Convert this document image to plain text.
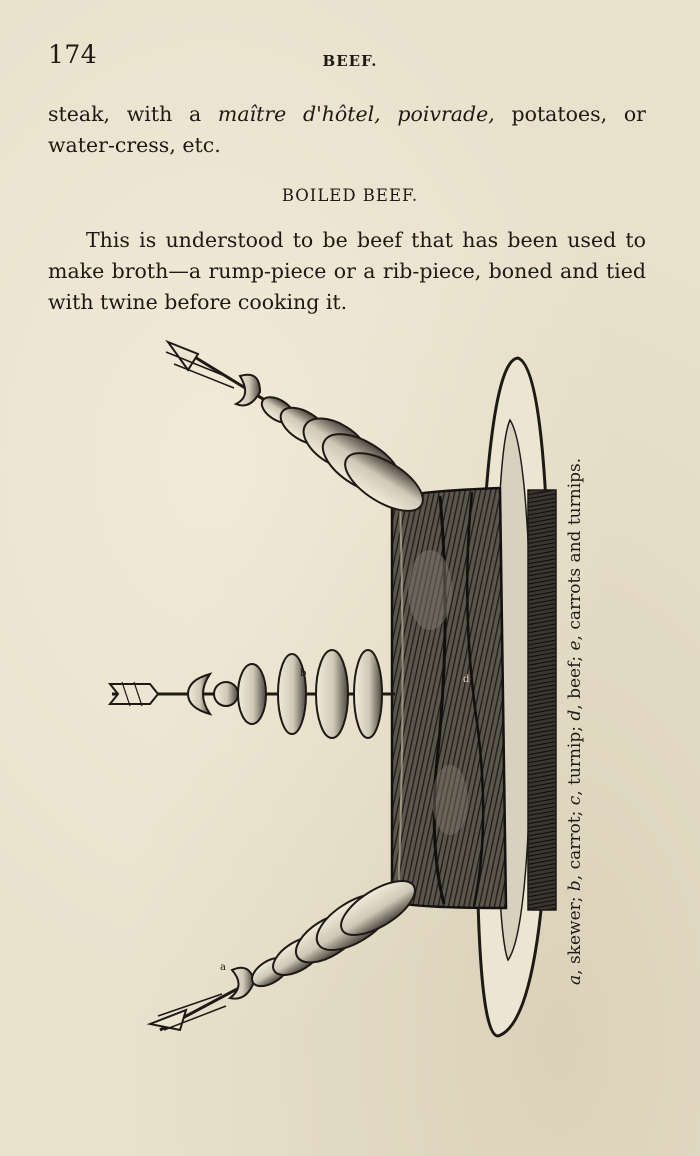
174	BEEF.

steak, with a maître d'hôtel, poivrade, potatoes, or water-cress, etc.

BOILED BEEF.

This is understood to be beef that has been used to make broth—a rump-piece or a rib-piece, boned and tied with twine before cooking it.

d
b
a
a, skewer; b, carrot; c, turnip; d, beef; e, carrots and turnips.
